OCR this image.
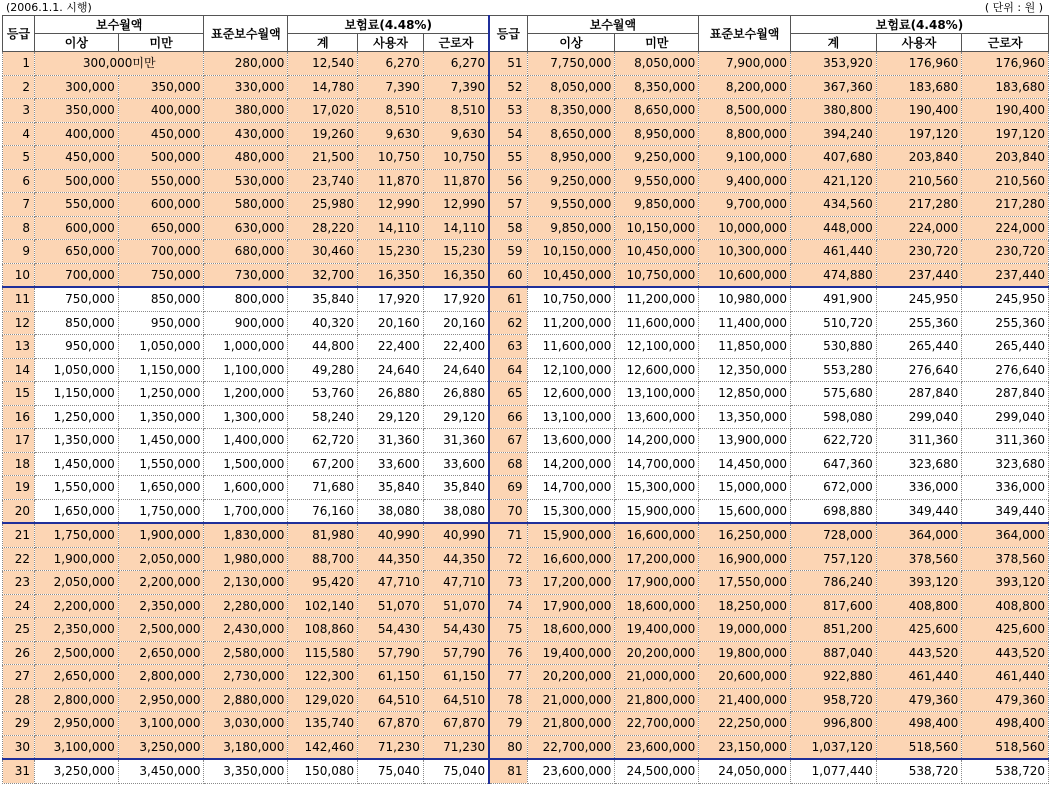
(2006.1.1. 시행)	( 단위 : 원 )
등급	보수월액		표준보수월액	보험료(4.48%)			등급	보수월액		표준보수월액	보험료(4.48%)		
	이상	미만		계	사용자	근로자		이상	미만		계	사용자	근로자
1	300,000미만		280,000	12,540	6,270	6,270	51	7,750,000	8,050,000	7,900,000	353,920	176,960	176,960
2	300,000	350,000	330,000	14,780	7,390	7,390	52	8,050,000	8,350,000	8,200,000	367,360	183,680	183,680
3	350,000	400,000	380,000	17,020	8,510	8,510	53	8,350,000	8,650,000	8,500,000	380,800	190,400	190,400
4	400,000	450,000	430,000	19,260	9,630	9,630	54	8,650,000	8,950,000	8,800,000	394,240	197,120	197,120
5	450,000	500,000	480,000	21,500	10,750	10,750	55	8,950,000	9,250,000	9,100,000	407,680	203,840	203,840
6	500,000	550,000	530,000	23,740	11,870	11,870	56	9,250,000	9,550,000	9,400,000	421,120	210,560	210,560
7	550,000	600,000	580,000	25,980	12,990	12,990	57	9,550,000	9,850,000	9,700,000	434,560	217,280	217,280
8	600,000	650,000	630,000	28,220	14,110	14,110	58	9,850,000	10,150,000	10,000,000	448,000	224,000	224,000
9	650,000	700,000	680,000	30,460	15,230	15,230	59	10,150,000	10,450,000	10,300,000	461,440	230,720	230,720
10	700,000	750,000	730,000	32,700	16,350	16,350	60	10,450,000	10,750,000	10,600,000	474,880	237,440	237,440
11	750,000	850,000	800,000	35,840	17,920	17,920	61	10,750,000	11,200,000	10,980,000	491,900	245,950	245,950
12	850,000	950,000	900,000	40,320	20,160	20,160	62	11,200,000	11,600,000	11,400,000	510,720	255,360	255,360
13	950,000	1,050,000	1,000,000	44,800	22,400	22,400	63	11,600,000	12,100,000	11,850,000	530,880	265,440	265,440
14	1,050,000	1,150,000	1,100,000	49,280	24,640	24,640	64	12,100,000	12,600,000	12,350,000	553,280	276,640	276,640
15	1,150,000	1,250,000	1,200,000	53,760	26,880	26,880	65	12,600,000	13,100,000	12,850,000	575,680	287,840	287,840
16	1,250,000	1,350,000	1,300,000	58,240	29,120	29,120	66	13,100,000	13,600,000	13,350,000	598,080	299,040	299,040
17	1,350,000	1,450,000	1,400,000	62,720	31,360	31,360	67	13,600,000	14,200,000	13,900,000	622,720	311,360	311,360
18	1,450,000	1,550,000	1,500,000	67,200	33,600	33,600	68	14,200,000	14,700,000	14,450,000	647,360	323,680	323,680
19	1,550,000	1,650,000	1,600,000	71,680	35,840	35,840	69	14,700,000	15,300,000	15,000,000	672,000	336,000	336,000
20	1,650,000	1,750,000	1,700,000	76,160	38,080	38,080	70	15,300,000	15,900,000	15,600,000	698,880	349,440	349,440
21	1,750,000	1,900,000	1,830,000	81,980	40,990	40,990	71	15,900,000	16,600,000	16,250,000	728,000	364,000	364,000
22	1,900,000	2,050,000	1,980,000	88,700	44,350	44,350	72	16,600,000	17,200,000	16,900,000	757,120	378,560	378,560
23	2,050,000	2,200,000	2,130,000	95,420	47,710	47,710	73	17,200,000	17,900,000	17,550,000	786,240	393,120	393,120
24	2,200,000	2,350,000	2,280,000	102,140	51,070	51,070	74	17,900,000	18,600,000	18,250,000	817,600	408,800	408,800
25	2,350,000	2,500,000	2,430,000	108,860	54,430	54,430	75	18,600,000	19,400,000	19,000,000	851,200	425,600	425,600
26	2,500,000	2,650,000	2,580,000	115,580	57,790	57,790	76	19,400,000	20,200,000	19,800,000	887,040	443,520	443,520
27	2,650,000	2,800,000	2,730,000	122,300	61,150	61,150	77	20,200,000	21,000,000	20,600,000	922,880	461,440	461,440
28	2,800,000	2,950,000	2,880,000	129,020	64,510	64,510	78	21,000,000	21,800,000	21,400,000	958,720	479,360	479,360
29	2,950,000	3,100,000	3,030,000	135,740	67,870	67,870	79	21,800,000	22,700,000	22,250,000	996,800	498,400	498,400
30	3,100,000	3,250,000	3,180,000	142,460	71,230	71,230	80	22,700,000	23,600,000	23,150,000	1,037,120	518,560	518,560
31	3,250,000	3,450,000	3,350,000	150,080	75,040	75,040	81	23,600,000	24,500,000	24,050,000	1,077,440	538,720	538,720
